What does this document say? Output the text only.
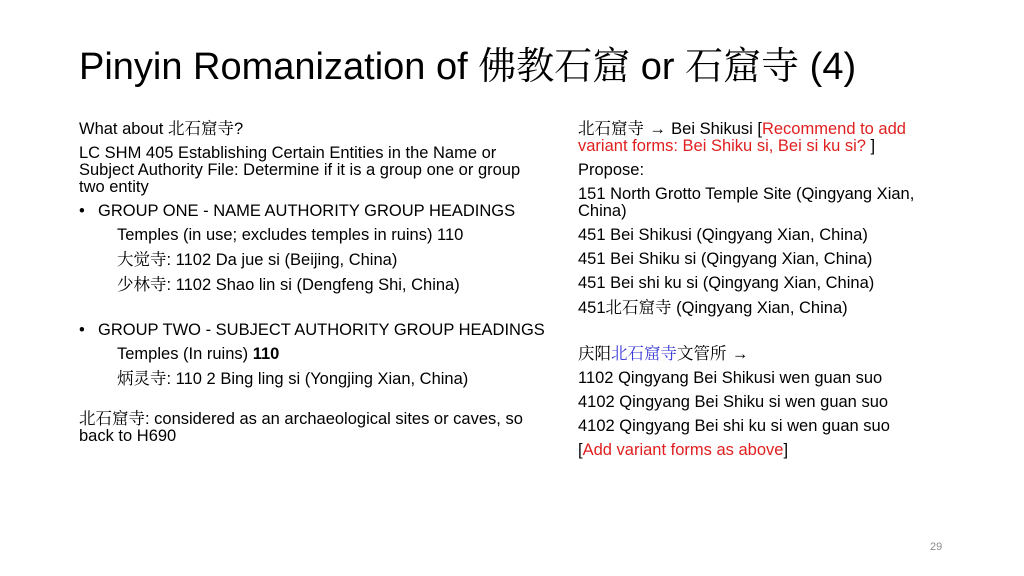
Pinyin Romanization of 佛教石窟 or 石窟寺 (4)
What about 北石窟寺?
LC SHM 405 Establishing Certain Entities in the Name or Subject Authority File: Determine if it is a group one or group two entity
• GROUP ONE - NAME AUTHORITY GROUP HEADINGS
Temples (in use; excludes temples in ruins) 110
大觉寺: 1102 Da jue si (Beijing, China)
少林寺: 1102 Shao lin si (Dengfeng Shi, China)
• GROUP TWO - SUBJECT AUTHORITY GROUP HEADINGS
Temples (In ruins) 110
炳灵寺: 110 2 Bing ling si (Yongjing Xian, China)
北石窟寺: considered as an archaeological sites or caves, so back to H690
北石窟寺 → Bei Shikusi [Recommend to add variant forms: Bei Shiku si, Bei si ku si? ]
Propose:
151 North Grotto Temple Site (Qingyang Xian, China)
451 Bei Shikusi (Qingyang Xian, China)
451 Bei Shiku si (Qingyang Xian, China)
451 Bei shi ku si (Qingyang Xian, China)
451北石窟寺 (Qingyang Xian, China)
庆阳北石窟寺文管所 →
1102 Qingyang Bei Shikusi wen guan suo
4102 Qingyang Bei Shiku si wen guan suo
4102 Qingyang Bei shi ku si wen guan suo
[Add variant forms as above]
29
